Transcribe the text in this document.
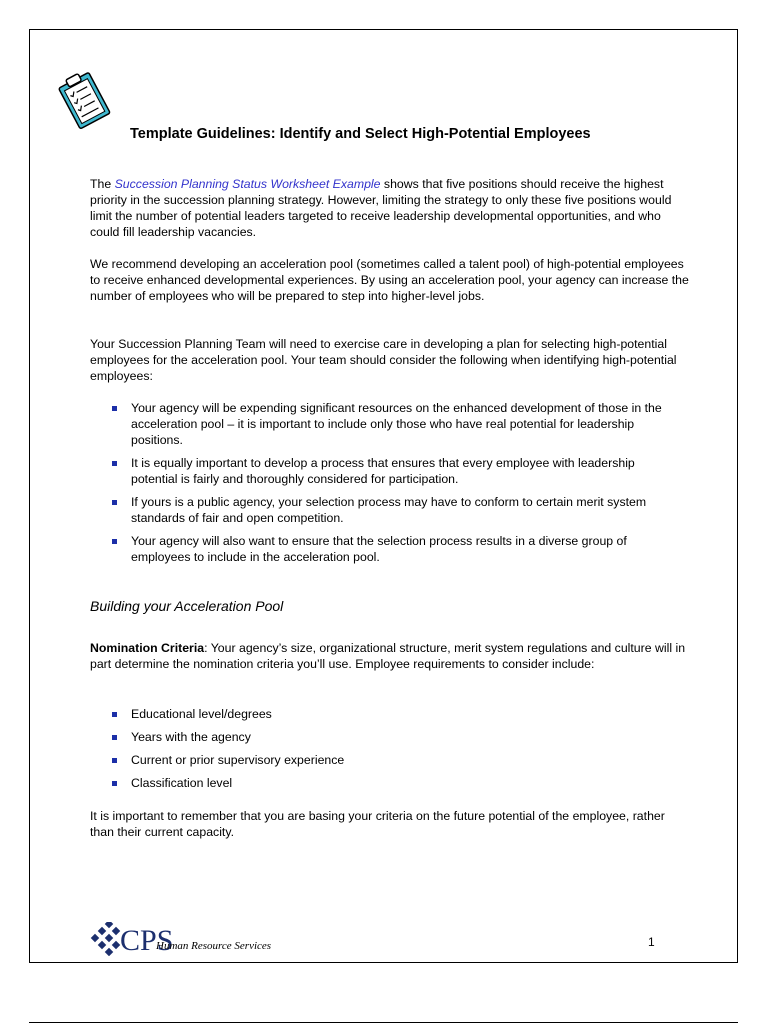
Template Guidelines: Identify and Select High-Potential Employees

The Succession Planning Status Worksheet Example shows that five positions should receive the highest priority in the succession planning strategy. However, limiting the strategy to only these five positions would limit the number of potential leaders targeted to receive leadership developmental opportunities, and who could fill leadership vacancies.

We recommend developing an acceleration pool (sometimes called a talent pool) of high-potential employees to receive enhanced developmental experiences. By using an acceleration pool, your agency can increase the number of employees who will be prepared to step into higher-level jobs.

Your Succession Planning Team will need to exercise care in developing a plan for selecting high-potential employees for the acceleration pool. Your team should consider the following when identifying high-potential employees:

Your agency will be expending significant resources on the enhanced development of those in the acceleration pool – it is important to include only those who have real potential for leadership positions.
It is equally important to develop a process that ensures that every employee with leadership potential is fairly and thoroughly considered for participation.
If yours is a public agency, your selection process may have to conform to certain merit system standards of fair and open competition.
Your agency will also want to ensure that the selection process results in a diverse group of employees to include in the acceleration pool.
Building your Acceleration Pool

Nomination Criteria: Your agency’s size, organizational structure, merit system regulations and culture will in part determine the nomination criteria you’ll use. Employee requirements to consider include:

Educational level/degrees
Years with the agency
Current or prior supervisory experience
Classification level

It is important to remember that you are basing your criteria on the future potential of the employee, rather than their current capacity.

CPS
Human Resource Services	1
